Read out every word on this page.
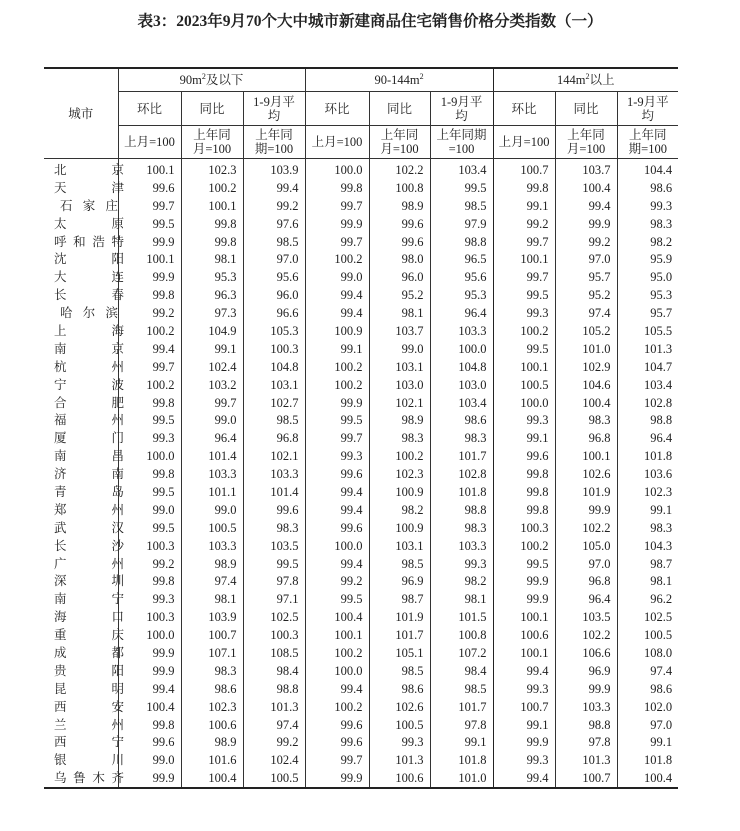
表3：2023年9月70个大中城市新建商品住宅销售价格分类指数（一）
城市	$90m^2$及以下			$90-144m^2$			$144m^2$以上		
	环比	同比	1-9月平均	环比	同比	1-9月平均	环比	同比	1-9月平均
	上月=100	上年同月=100	上年同期=100	上月=100	上年同月=100	上年同期=100	上月=100	上年同月=100	上年同期=100
北京	100.1	102.3	103.9	100.0	102.2	103.4	100.7	103.7	104.4
天津	99.6	100.2	99.4	99.8	100.8	99.5	99.8	100.4	98.6
石家庄	99.7	100.1	99.2	99.7	98.9	98.5	99.1	99.4	99.3
太原	99.5	99.8	97.6	99.9	99.6	97.9	99.2	99.9	98.3
呼和浩特	99.9	99.8	98.5	99.7	99.6	98.8	99.7	99.2	98.2
沈阳	100.1	98.1	97.0	100.2	98.0	96.5	100.1	97.0	95.9
大连	99.9	95.3	95.6	99.0	96.0	95.6	99.7	95.7	95.0
长春	99.8	96.3	96.0	99.4	95.2	95.3	99.5	95.2	95.3
哈尔滨	99.2	97.3	96.6	99.4	98.1	96.4	99.3	97.4	95.7
上海	100.2	104.9	105.3	100.9	103.7	103.3	100.2	105.2	105.5
南京	99.4	99.1	100.3	99.1	99.0	100.0	99.5	101.0	101.3
杭州	99.7	102.4	104.8	100.2	103.1	104.8	100.1	102.9	104.7
宁波	100.2	103.2	103.1	100.2	103.0	103.0	100.5	104.6	103.4
合肥	99.8	99.7	102.7	99.9	102.1	103.4	100.0	100.4	102.8
福州	99.5	99.0	98.5	99.5	98.9	98.6	99.3	98.3	98.8
厦门	99.3	96.4	96.8	99.7	98.3	98.3	99.1	96.8	96.4
南昌	100.0	101.4	102.1	99.3	100.2	101.7	99.6	100.1	101.8
济南	99.8	103.3	103.3	99.6	102.3	102.8	99.8	102.6	103.6
青岛	99.5	101.1	101.4	99.4	100.9	101.8	99.8	101.9	102.3
郑州	99.0	99.0	99.6	99.4	98.2	98.8	99.8	99.9	99.1
武汉	99.5	100.5	98.3	99.6	100.9	98.3	100.3	102.2	98.3
长沙	100.3	103.3	103.5	100.0	103.1	103.3	100.2	105.0	104.3
广州	99.2	98.9	99.5	99.4	98.5	99.3	99.5	97.0	98.7
深圳	99.8	97.4	97.8	99.2	96.9	98.2	99.9	96.8	98.1
南宁	99.3	98.1	97.1	99.5	98.7	98.1	99.9	96.4	96.2
海口	100.3	103.9	102.5	100.4	101.9	101.5	100.1	103.5	102.5
重庆	100.0	100.7	100.3	100.1	101.7	100.8	100.6	102.2	100.5
成都	99.9	107.1	108.5	100.2	105.1	107.2	100.1	106.6	108.0
贵阳	99.9	98.3	98.4	100.0	98.5	98.4	99.4	96.9	97.4
昆明	99.4	98.6	98.8	99.4	98.6	98.5	99.3	99.9	98.6
西安	100.4	102.3	101.3	100.2	102.6	101.7	100.7	103.3	102.0
兰州	99.8	100.6	97.4	99.6	100.5	97.8	99.1	98.8	97.0
西宁	99.6	98.9	99.2	99.6	99.3	99.1	99.9	97.8	99.1
银川	99.0	101.6	102.4	99.7	101.3	101.8	99.3	101.3	101.8
乌鲁木齐	99.9	100.4	100.5	99.9	100.6	101.0	99.4	100.7	100.4
